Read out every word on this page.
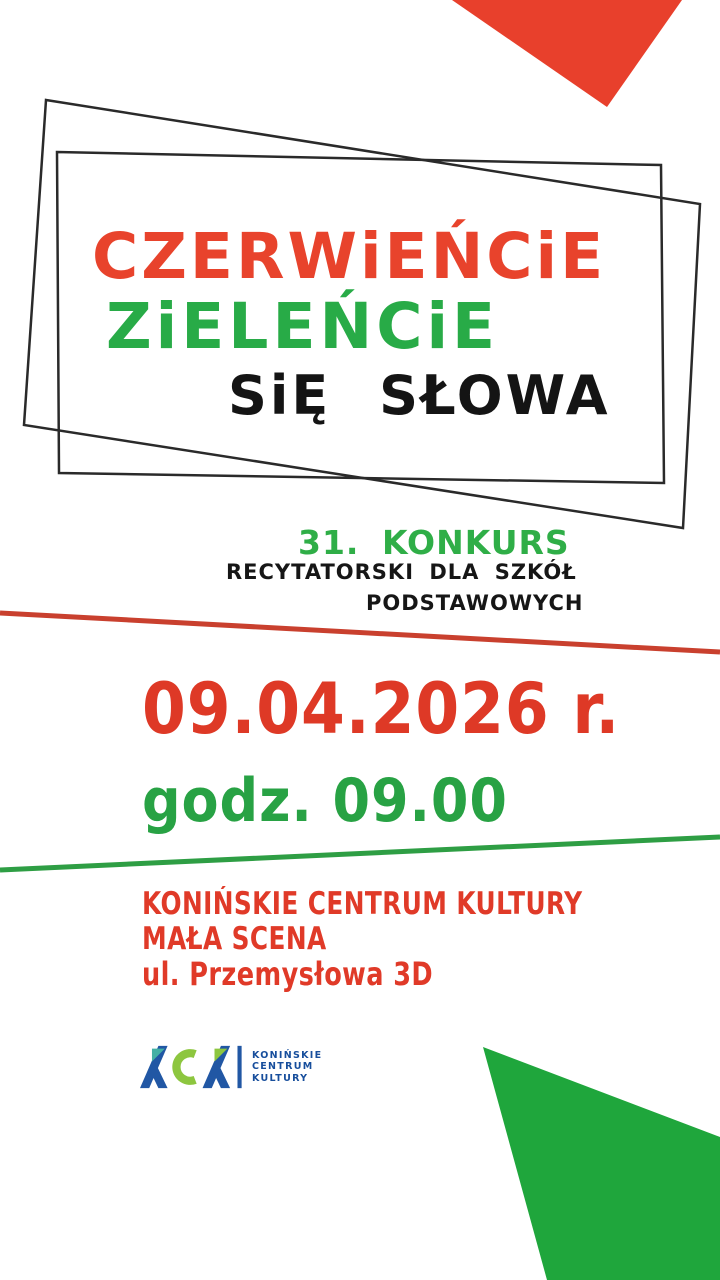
CZERWiEŃCiE
ZiELEŃCiE
SiĘ SŁOWA
31. KONKURS
RECYTATORSKI DLA SZKÓŁ
PODSTAWOWYCH
09.04.2026 r.
godz. 09.00
KONIŃSKIE CENTRUM KULTURY
MAŁA SCENA
ul. Przemysłowa 3D
KONIŃSKIE
CENTRUM
KULTURY
